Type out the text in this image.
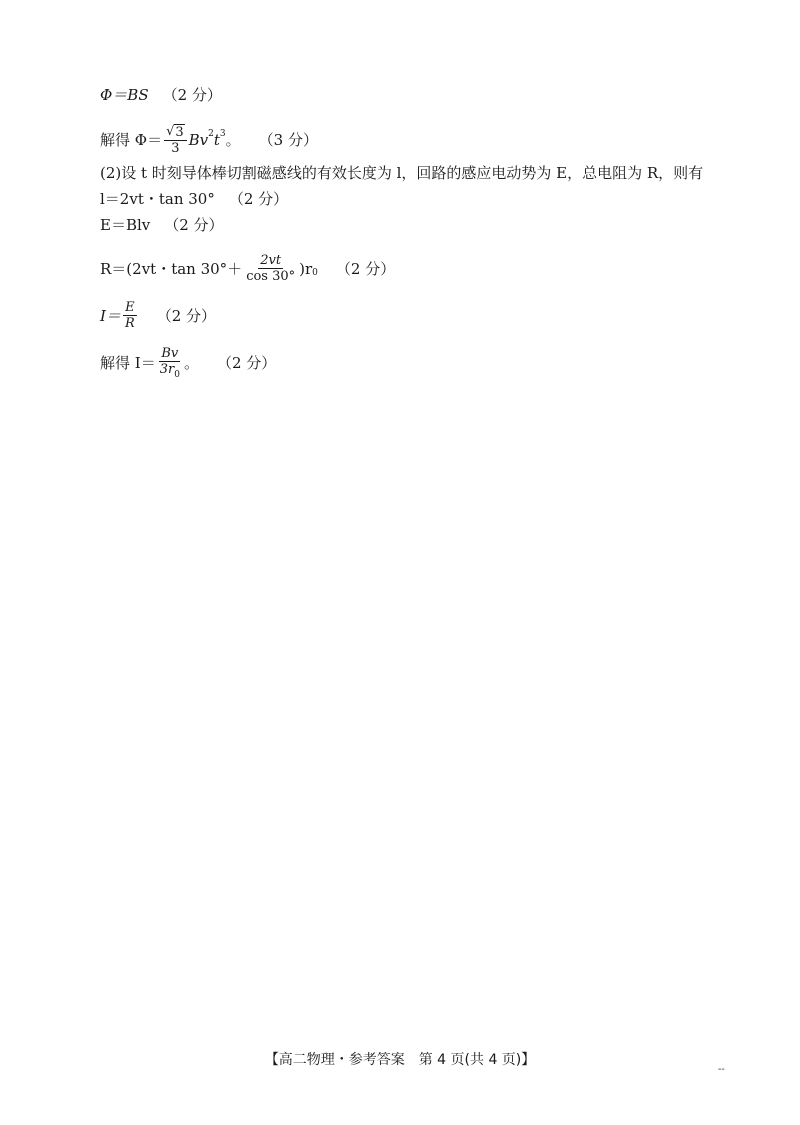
Φ＝BS （2 分）
解得 $\Phi= \frac{√ 3}{3}$ Bv 2 t 3 。 （3 分）
(2)设 t 时刻导体棒切割磁感线的有效长度为 l，回路的感应电动势为 E，总电阻为 R，则有
l＝2vt・tan 30° （2 分）
E＝Blv （2 分）
R＝(2vt・$\tan 30^\circ+ \frac{2vt}{\cos 30^\circ} )r$ 0 （2 分）
$I= \frac{E}{R} (2$ 分）
解得 $I= \frac{Bv}{3r_0}$ 。 （2 分）
【高二物理・参考答案　第 4 页(共 4 页)】
--
